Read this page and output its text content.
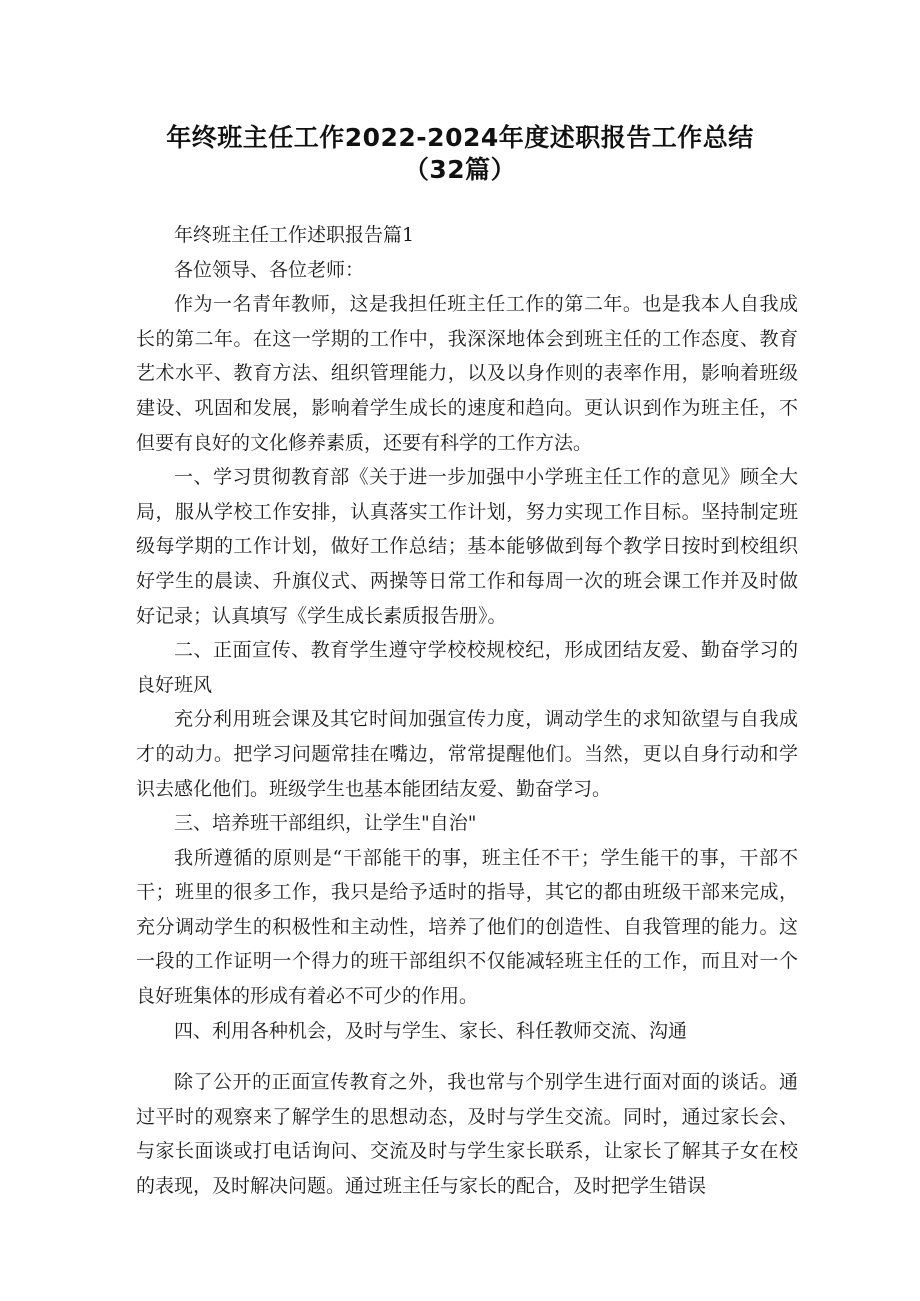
年终班主任工作2022-2024年度述职报告工作总结
（32篇）

年终班主任工作述职报告篇1

各位领导、各位老师：

作为一名青年教师，这是我担任班主任工作的第二年。也是我本人自我成长的第二年。在这一学期的工作中，我深深地体会到班主任的工作态度、教育艺术水平、教育方法、组织管理能力，以及以身作则的表率作用，影响着班级建设、巩固和发展，影响着学生成长的速度和趋向。更认识到作为班主任，不但要有良好的文化修养素质，还要有科学的工作方法。

一、学习贯彻教育部《关于进一步加强中小学班主任工作的意见》顾全大局，服从学校工作安排，认真落实工作计划，努力实现工作目标。坚持制定班级每学期的工作计划，做好工作总结；基本能够做到每个教学日按时到校组织好学生的晨读、升旗仪式、两操等日常工作和每周一次的班会课工作并及时做好记录；认真填写《学生成长素质报告册》。

二、正面宣传、教育学生遵守学校校规校纪，形成团结友爱、勤奋学习的良好班风

充分利用班会课及其它时间加强宣传力度，调动学生的求知欲望与自我成才的动力。把学习问题常挂在嘴边，常常提醒他们。当然，更以自身行动和学识去感化他们。班级学生也基本能团结友爱、勤奋学习。

三、培养班干部组织，让学生"自治"

我所遵循的原则是“干部能干的事，班主任不干；学生能干的事，干部不干；班里的很多工作，我只是给予适时的指导，其它的都由班级干部来完成，充分调动学生的积极性和主动性，培养了他们的创造性、自我管理的能力。这一段的工作证明一个得力的班干部组织不仅能减轻班主任的工作，而且对一个良好班集体的形成有着必不可少的作用。

四、利用各种机会，及时与学生、家长、科任教师交流、沟通

除了公开的正面宣传教育之外，我也常与个别学生进行面对面的谈话。通过平时的观察来了解学生的思想动态，及时与学生交流。同时，通过家长会、与家长面谈或打电话询问、交流及时与学生家长联系，让家长了解其子女在校的表现，及时解决问题。通过班主任与家长的配合，及时把学生错误
